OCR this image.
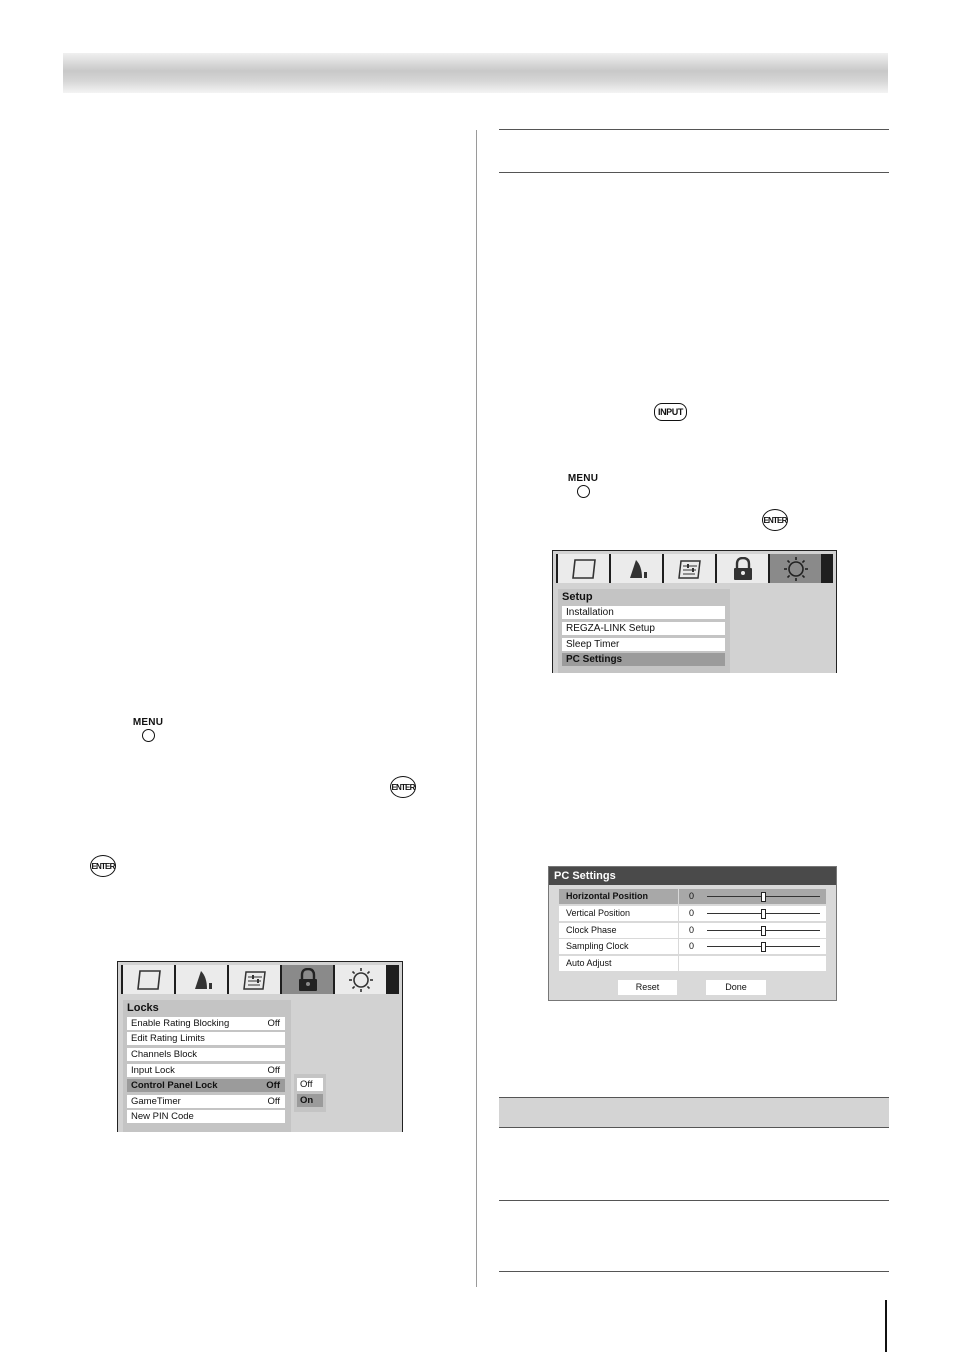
MENU
ENTER
ENTER
Locks
Enable Rating Blocking	Off
Edit Rating Limits
Channels Block
Input Lock	Off
Control Panel Lock	Off
GameTimer	Off
New PIN Code
Off
On
INPUT
MENU
ENTER
Setup
Installation
REGZA-LINK Setup
Sleep Timer
PC Settings
PC Settings
Horizontal Position	0
Vertical Position	0
Clock Phase	0
Sampling Clock	0
Auto Adjust
Reset	Done
